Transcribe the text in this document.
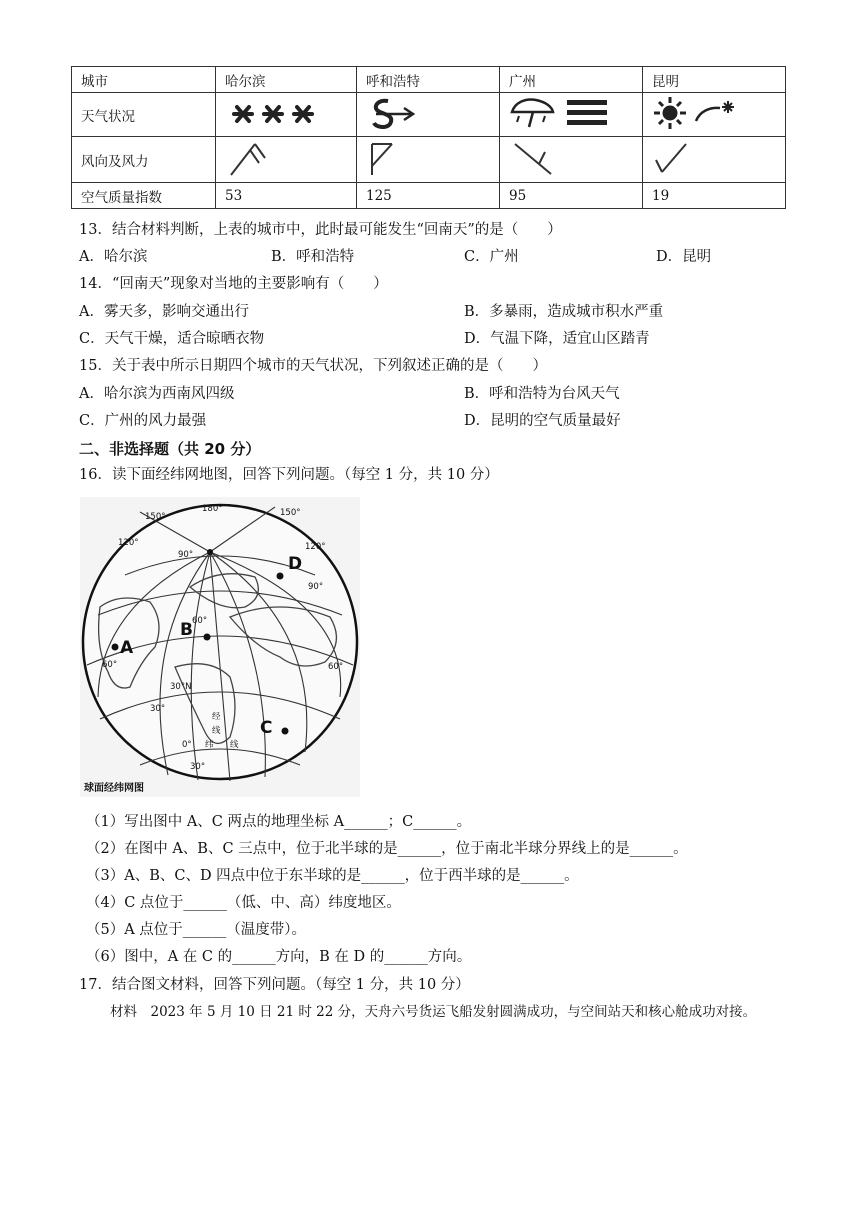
城市	哈尔滨	呼和浩特	广州	昆明
天气状况				
风向及风力				
空气质量指数	53	125	95	19
13．结合材料判断，上表的城市中，此时最可能发生“回南天”的是（　　）
A．哈尔滨	B．呼和浩特	C．广州	D．昆明
14．“回南天”现象对当地的主要影响有（　　）
A．雾天多，影响交通出行	B．多暴雨，造成城市积水严重
C．天气干燥，适合晾晒衣物	D．气温下降，适宜山区踏青
15．关于表中所示日期四个城市的天气状况，下列叙述正确的是（　　）
A．哈尔滨为西南风四级	B．呼和浩特为台风天气
C．广州的风力最强	D．昆明的空气质量最好
二、非选择题（共 20 分）
16．读下面经纬网地图，回答下列问题。（每空 1 分，共 10 分）
A
B
C
D
180°
150°	150°
120°	120°
90°
90°
60°
60°	60°
30°N
30°
30°
0° 纬 线
经
线
球面经纬网图
（1）写出图中 A、C 两点的地理坐标 A______；C______。
（2）在图中 A、B、C 三点中，位于北半球的是______，位于南北半球分界线上的是______。
（3）A、B、C、D 四点中位于东半球的是______，位于西半球的是______。
（4）C 点位于______（低、中、高）纬度地区。
（5）A 点位于______（温度带）。
（6）图中，A 在 C 的______方向，B 在 D 的______方向。
17．结合图文材料，回答下列问题。（每空 1 分，共 10 分）
材料　2023 年 5 月 10 日 21 时 22 分，天舟六号货运飞船发射圆满成功，与空间站天和核心舱成功对接。
